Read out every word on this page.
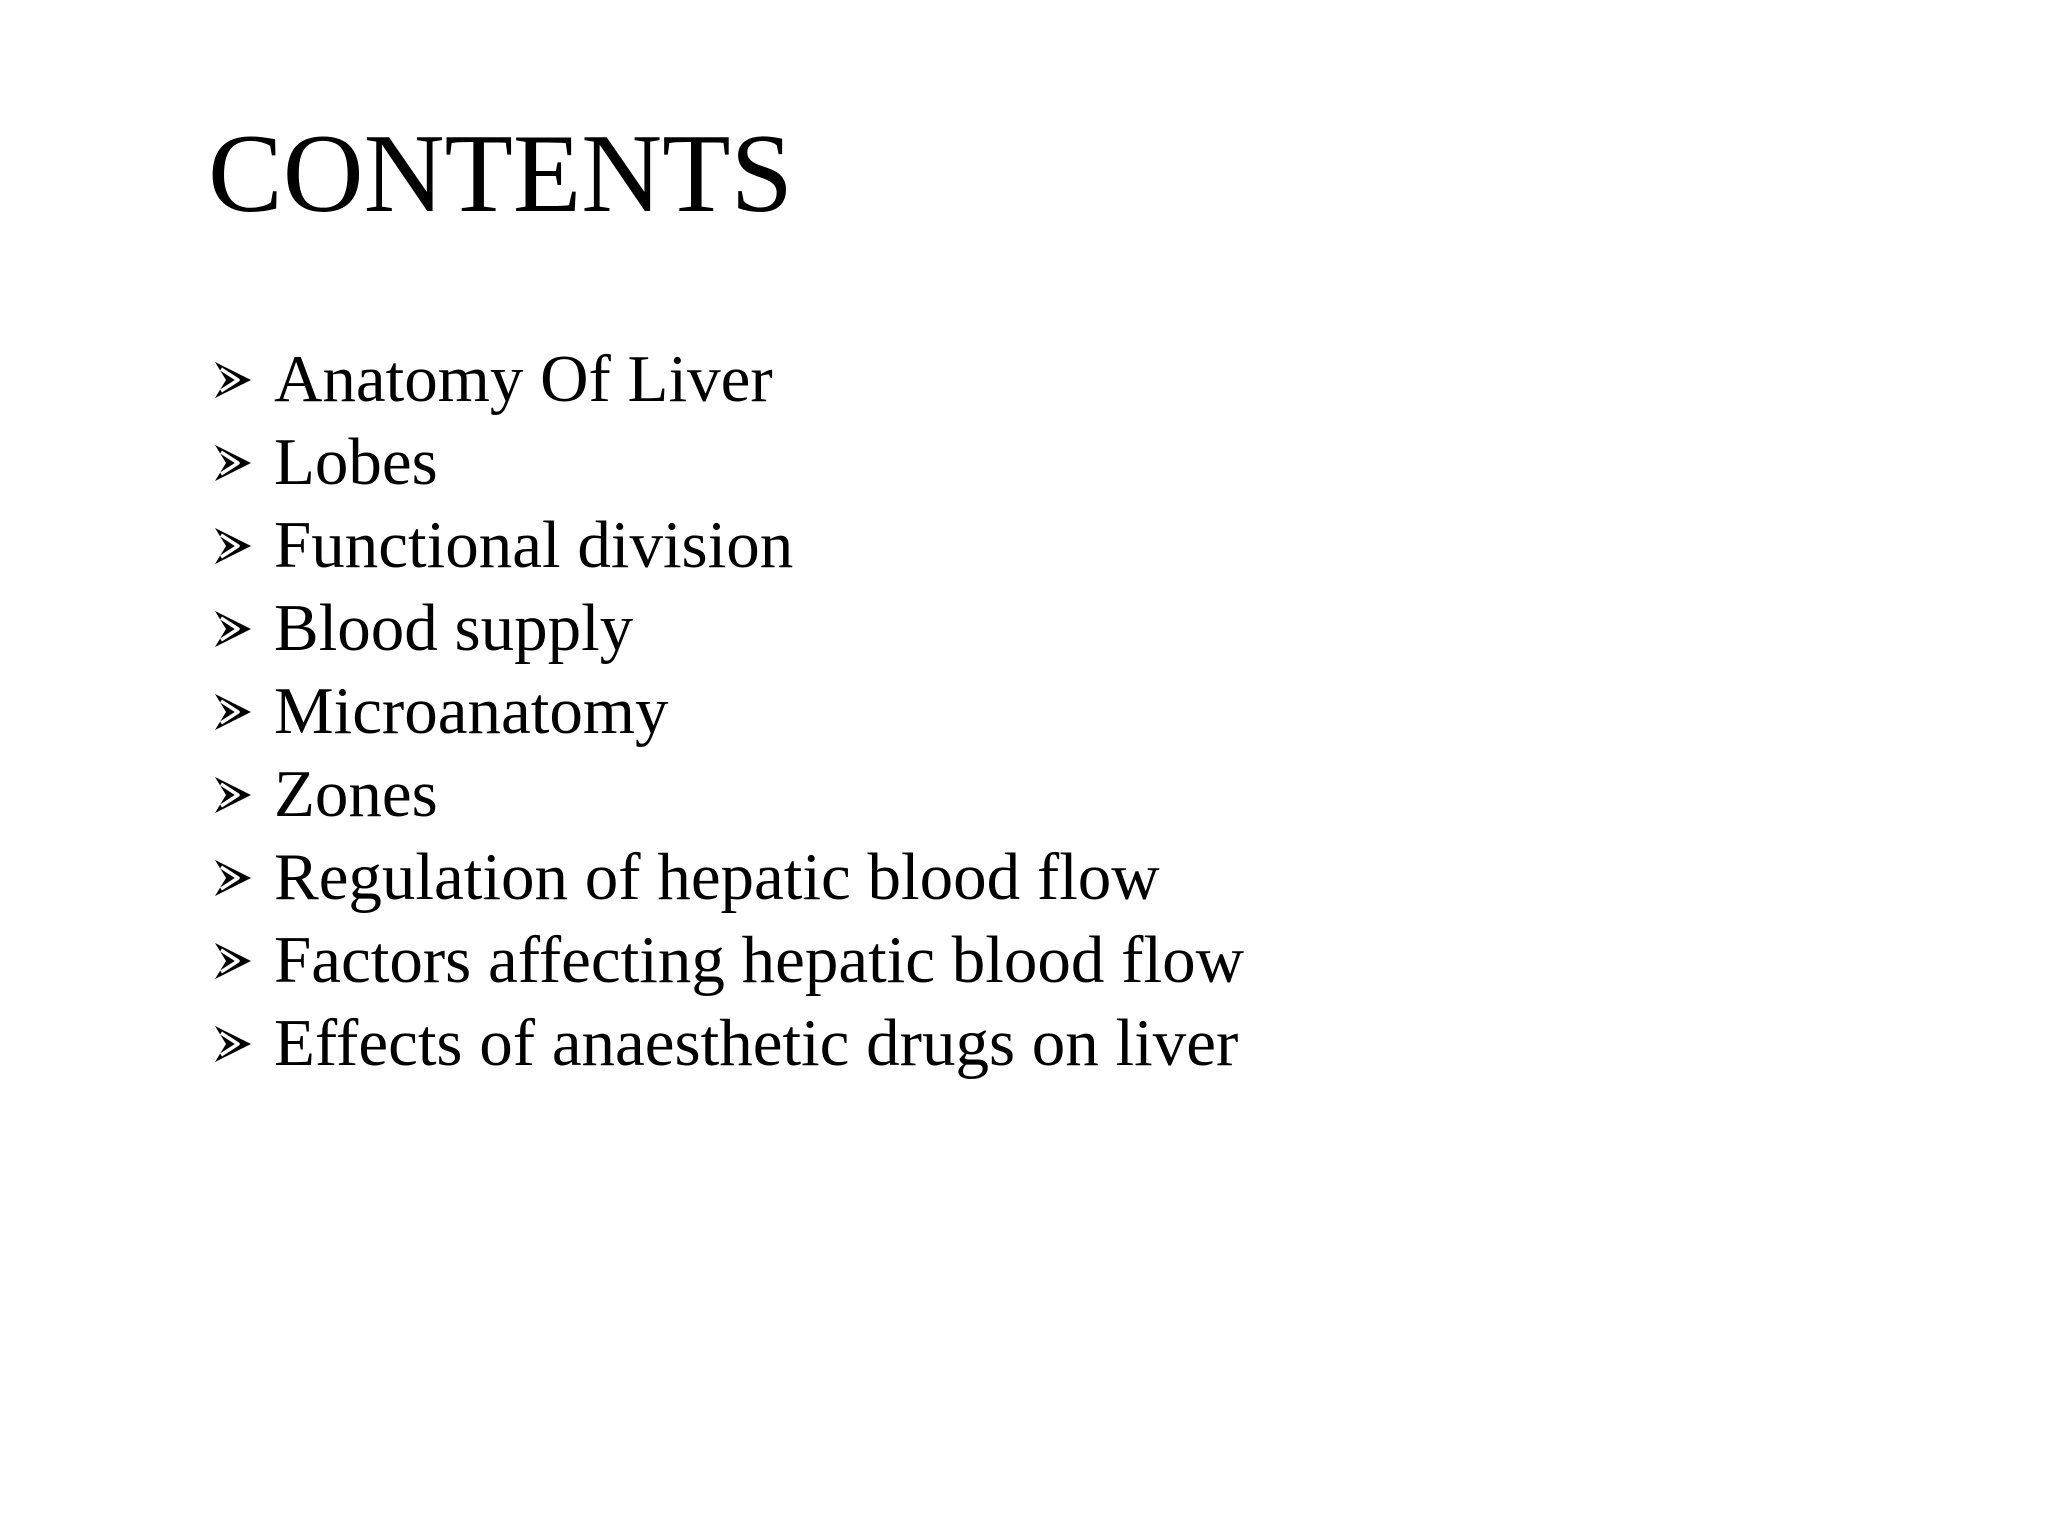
CONTENTS
Anatomy Of Liver
Lobes
Functional division
Blood supply
Microanatomy
Zones
Regulation of hepatic blood flow
Factors affecting hepatic blood flow
Effects of anaesthetic drugs on liver
